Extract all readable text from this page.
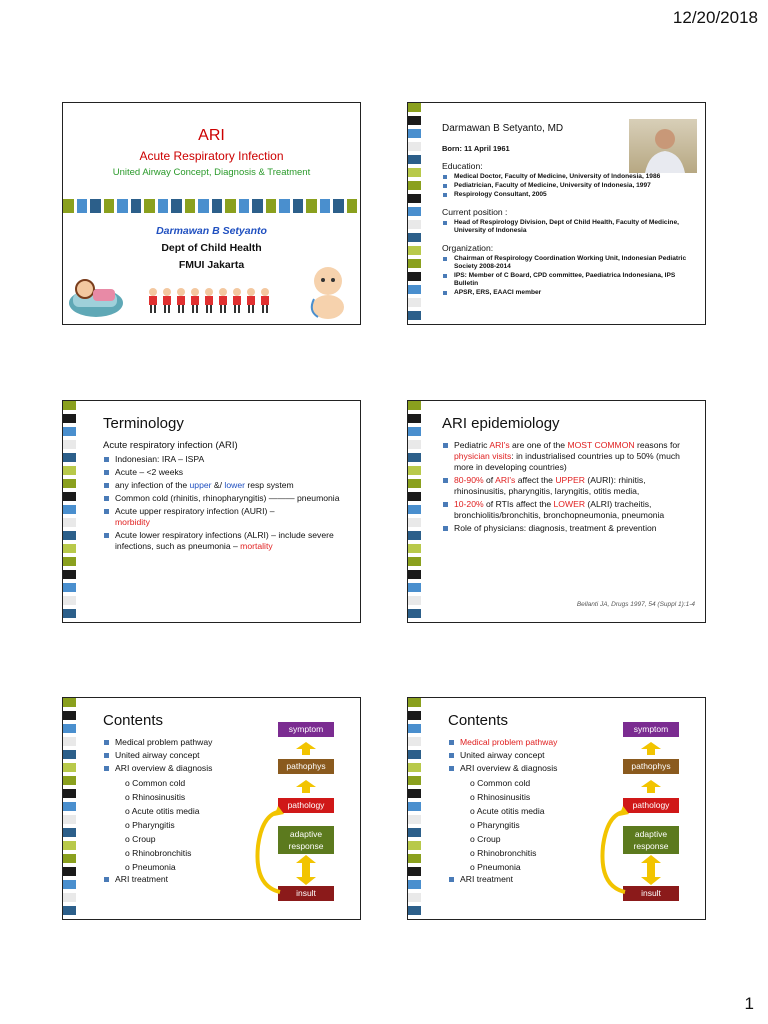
12/20/2018
ARI
Acute Respiratory Infection
United Airway Concept, Diagnosis & Treatment
Darmawan B Setyanto
Dept of Child Health
FMUI Jakarta
Darmawan B Setyanto, MD
Born: 11 April 1961
Education:
Medical Doctor, Faculty of Medicine, University of Indonesia, 1986
Pediatrician, Faculty of Medicine, University of Indonesia, 1997
Respirology Consultant, 2005
Current position :
Head of Respirology Division, Dept of Child Health, Faculty of Medicine, University of Indonesia
Organization:
Chairman of Respirology Coordination Working Unit, Indonesian Pediatric Society 2008-2014
IPS: Member of C Board, CPD committee, Paediatrica Indonesiana, IPS Bulletin
APSR, ERS, EAACI member
Terminology
Acute respiratory infection (ARI)
Indonesian: IRA – ISPA
Acute – <2 weeks
any infection of the upper &/ lower resp system
Common cold (rhinitis, rhinopharyngitis) ——— pneumonia
Acute upper respiratory infection (AURI) –
morbidity
Acute lower respiratory infections (ALRI) – include severe infections, such as pneumonia – mortality
ARI epidemiology
Pediatric ARI's are one of the MOST COMMON reasons for physician visits: in industrialised countries up to 50% (much more in developing countries)
80-90% of ARI's affect the UPPER (AURI): rhinitis, rhinosinusitis, pharyngitis, laryngitis, otitis media,
10-20% of RTIs affect the LOWER (ALRI) tracheitis, bronchiolitis/bronchitis, bronchopneumonia, pneumonia
Role of physicians: diagnosis, treatment & prevention
Bellanti JA, Drugs 1997, 54 (Suppl 1):1-4
Contents
Medical problem pathway
United airway concept
ARI overview & diagnosis
o Common cold
o Rhinosinusitis
o Acute otitis media
o Pharyngitis
o Croup
o Rhinobronchitis
o Pneumonia
ARI treatment
symptom
pathophys
pathology
adaptive response
insult
Contents
Medical problem pathway
United airway concept
ARI overview & diagnosis
o Common cold
o Rhinosinusitis
o Acute otitis media
o Pharyngitis
o Croup
o Rhinobronchitis
o Pneumonia
ARI treatment
symptom
pathophys
pathology
adaptive response
insult
1
